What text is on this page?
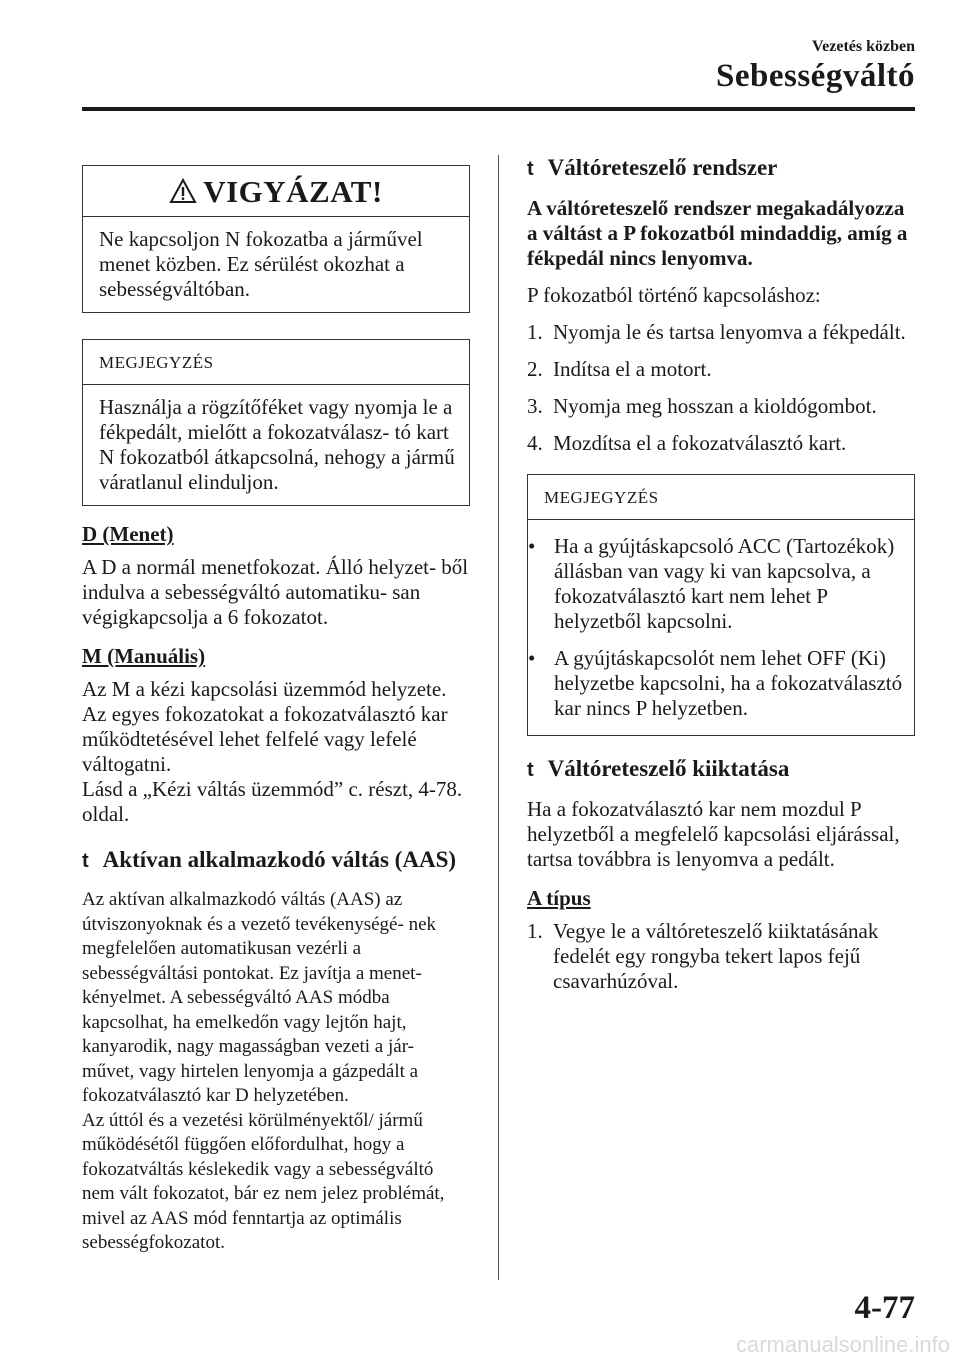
Vezetés közben
Sebességváltó
VIGYÁZAT!
Ne kapcsoljon N fokozatba a járművel menet közben. Ez sérülést okozhat a sebességváltóban.
MEGJEGYZÉS
Használja a rögzítőféket vagy nyomja le a fékpedált, mielőtt a fokozatválasz- tó kart N fokozatból átkapcsolná, nehogy a jármű váratlanul elinduljon.

D (Menet)

A D a normál menetfokozat. Álló helyzet- ből indulva a sebességváltó automatiku- san végigkapcsolja a 6 fokozatot.

M (Manuális)

Az M a kézi kapcsolási üzemmód helyzete.

Az egyes fokozatokat a fokozatválasztó kar működtetésével lehet felfelé vagy lefelé váltogatni.

Lásd a „Kézi váltás üzemmód” c. részt, 4-78. oldal.

t Aktívan alkalmazkodó váltás (AAS)

Az aktívan alkalmazkodó váltás (AAS) az útviszonyoknak és a vezető tevékenységé- nek megfelelően automatikusan vezérli a sebességváltási pontokat. Ez javítja a menet- kényelmet. A sebességváltó AAS módba kapcsolhat, ha emelkedőn vagy lejtőn hajt, kanyarodik, nagy magasságban vezeti a jár- művet, vagy hirtelen lenyomja a gázpedált a fokozatválasztó kar D helyzetében.

Az úttól és a vezetési körülményektől/ jármű működésétől függően előfordulhat, hogy a fokozatváltás késlekedik vagy a sebességváltó nem vált fokozatot, bár ez nem jelez problémát, mivel az AAS mód fenntartja az optimális sebességfokozatot.

t Váltóreteszelő rendszer

A váltóreteszelő rendszer megakadályozza a váltást a P fokozatból mindaddig, amíg a fékpedál nincs lenyomva.

P fokozatból történő kapcsoláshoz:

1. Nyomja le és tartsa lenyomva a fékpedált.
2. Indítsa el a motort.
3. Nyomja meg hosszan a kioldógombot.
4. Mozdítsa el a fokozatválasztó kart.
MEGJEGYZÉS
• Ha a gyújtáskapcsoló ACC (Tartozékok) állásban van vagy ki van kapcsolva, a fokozatválasztó kart nem lehet P helyzetből kapcsolni.
• A gyújtáskapcsolót nem lehet OFF (Ki) helyzetbe kapcsolni, ha a fokozatválasztó kar nincs P helyzetben.
t Váltóreteszelő kiiktatása

Ha a fokozatválasztó kar nem mozdul P helyzetből a megfelelő kapcsolási eljárással, tartsa továbbra is lenyomva a pedált.

A típus

1. Vegye le a váltóreteszelő kiiktatásának fedelét egy rongyba tekert lapos fejű csavarhúzóval.
4-77
carmanualsonline.info
